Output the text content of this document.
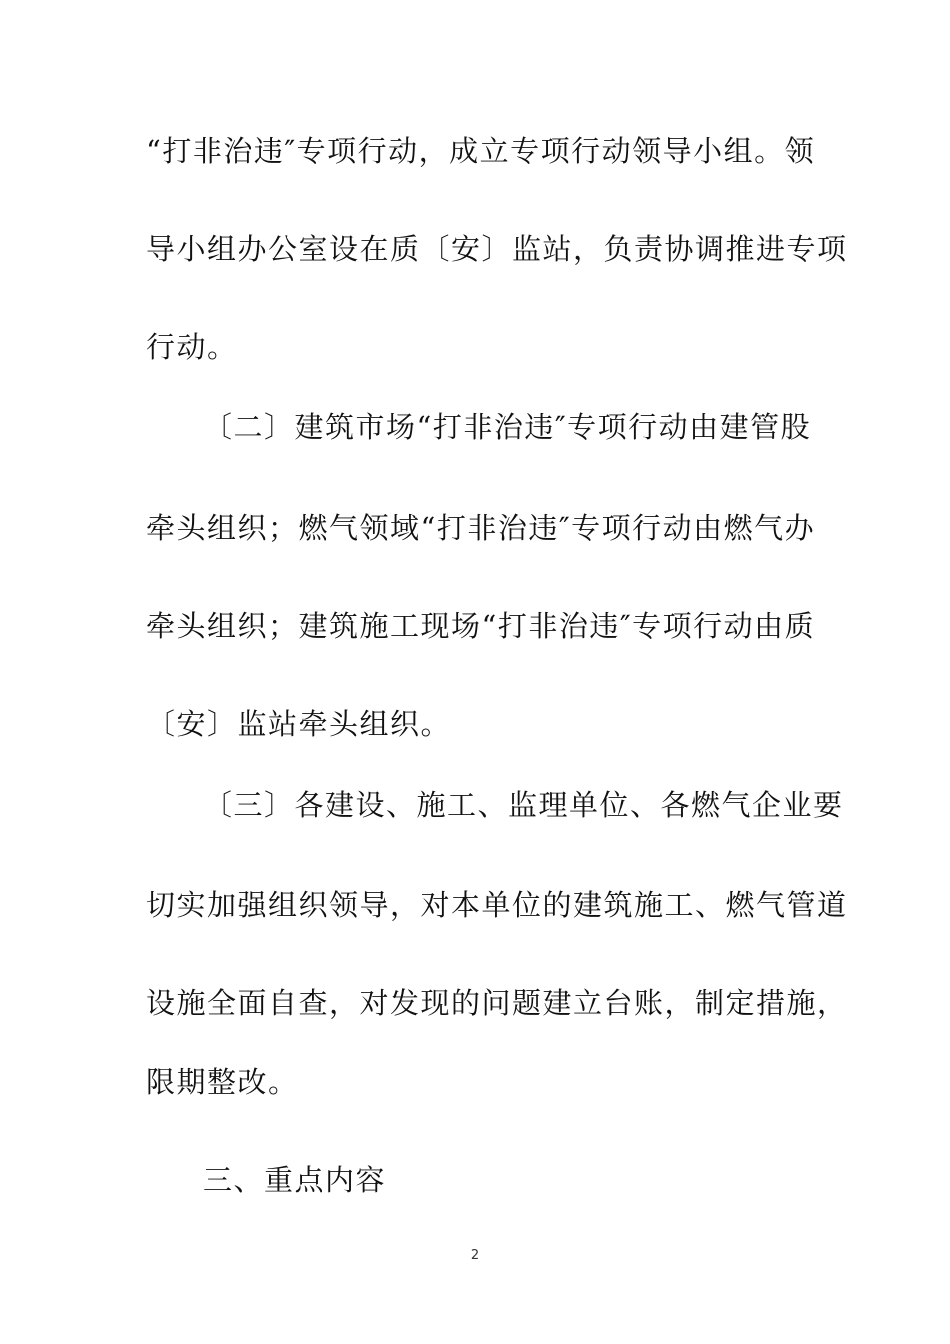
“打非治违″专项行动，成立专项行动领导小组。领
导小组办公室设在质〔安〕监站，负责协调推进专项
行动。
〔二〕建筑市场“打非治违″专项行动由建管股
牵头组织；燃气领域“打非治违″专项行动由燃气办
牵头组织；建筑施工现场“打非治违″专项行动由质
〔安〕监站牵头组织。
〔三〕各建设、施工、监理单位、各燃气企业要
切实加强组织领导，对本单位的建筑施工、燃气管道
设施全面自查，对发现的问题建立台账，制定措施，
限期整改。
三、重点内容
2
